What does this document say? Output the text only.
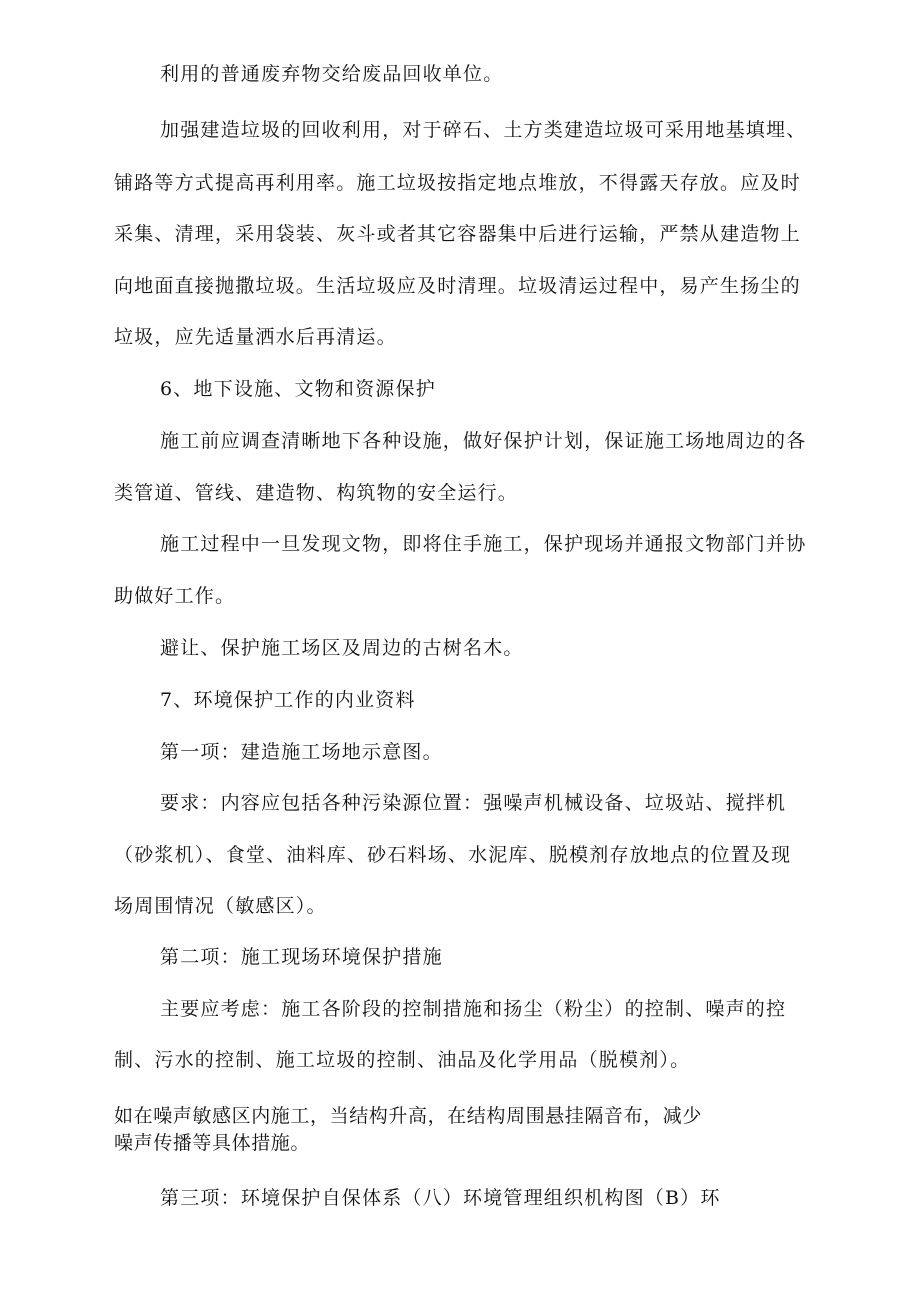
利用的普通废弃物交给废品回收单位。

加强建造垃圾的回收利用，对于碎石、土方类建造垃圾可采用地基填埋、

铺路等方式提高再利用率。施工垃圾按指定地点堆放，不得露天存放。应及时

采集、清理，采用袋装、灰斗或者其它容器集中后进行运输，严禁从建造物上

向地面直接抛撒垃圾。生活垃圾应及时清理。垃圾清运过程中，易产生扬尘的

垃圾，应先适量洒水后再清运。

6、地下设施、文物和资源保护

施工前应调查清晰地下各种设施，做好保护计划，保证施工场地周边的各

类管道、管线、建造物、构筑物的安全运行。

施工过程中一旦发现文物，即将住手施工，保护现场并通报文物部门并协

助做好工作。

避让、保护施工场区及周边的古树名木。

7、环境保护工作的内业资料

第一项：建造施工场地示意图。

要求：内容应包括各种污染源位置：强噪声机械设备、垃圾站、搅拌机

（砂浆机）、食堂、油料库、砂石料场、水泥库、脱模剂存放地点的位置及现

场周围情况（敏感区）。

第二项：施工现场环境保护措施

主要应考虑：施工各阶段的控制措施和扬尘（粉尘）的控制、噪声的控

制、污水的控制、施工垃圾的控制、油品及化学用品（脱模剂）。

如在噪声敏感区内施工，当结构升高，在结构周围悬挂隔音布，减少

噪声传播等具体措施。

第三项：环境保护自保体系（八）环境管理组织机构图（B）环
